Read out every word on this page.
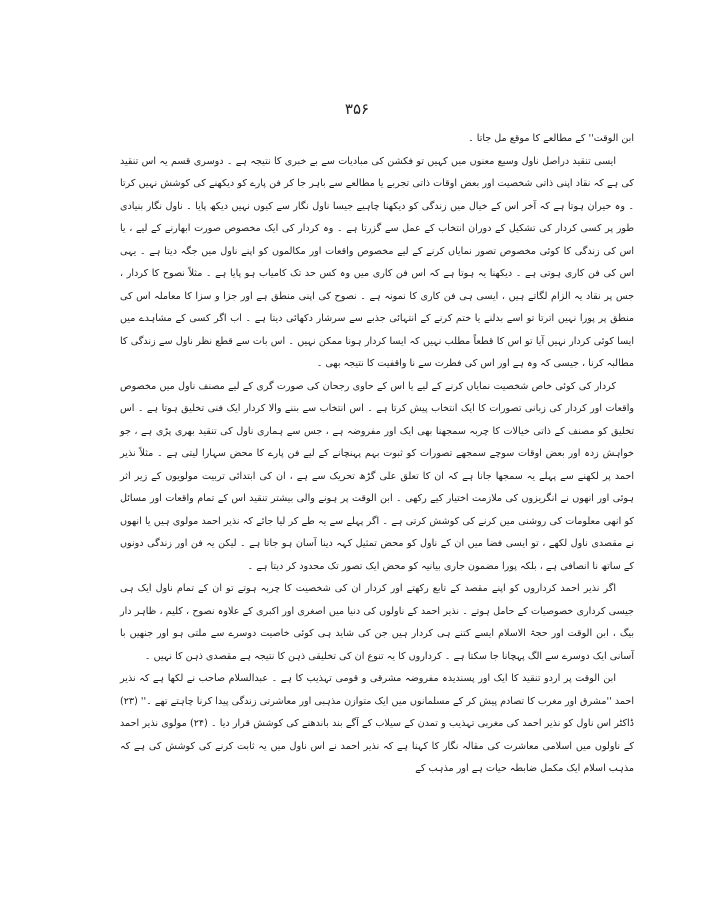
۳۵۶

ابن الوقت'' کے مطالعے کا موقع مل جاتا ۔

ایسی تنقید دراصل ناول وسیع معنوں میں کہیں تو فکشن کی مبادیات سے بے خبری کا نتیجہ ہے ۔ دوسری قسم یہ اس تنقید کی ہے کہ نقاد اپنی ذاتی شخصیت اور بعض اوقات ذاتی تجربے یا مطالعے سے باہر جا کر فن پارے کو دیکھنے کی کوشش نہیں کرتا ۔ وہ حیران ہوتا ہے کہ آخر اس کے خیال میں زندگی کو دیکھنا چاہیے جیسا ناول نگار سے کیوں نہیں دیکھ پایا ۔ ناول نگار بنیادی طور پر کسی کردار کی تشکیل کے دوران انتخاب کے عمل سے گزرتا ہے ۔ وہ کردار کی ایک مخصوص صورت ابھارنے کے لیے ، یا اس کی زندگی کا کوئی مخصوص تصور نمایاں کرنے کے لیے مخصوص واقعات اور مکالموں کو اپنے ناول میں جگہ دیتا ہے ۔ یہی اس کی فن کاری ہوتی ہے ۔ دیکھنا یہ ہوتا ہے کہ اس فن کاری میں وہ کس حد تک کامیاب ہو پایا ہے ۔ مثلاً نصوح کا کردار ، جس پر نقاد یہ الزام لگاتے ہیں ، ایسی ہی فن کاری کا نمونہ ہے ۔ نصوح کی اپنی منطق ہے اور جزا و سزا کا معاملہ اس کی منطق پر پورا نہیں اترتا تو اسے بدلنے یا ختم کرنے کے انتہائی جذبے سے سرشار دکھائی دیتا ہے ۔ اب اگر کسی کے مشاہدے میں ایسا کوئی کردار نہیں آیا تو اس کا قطعاً مطلب نہیں کہ ایسا کردار ہونا ممکن نہیں ۔ اس بات سے قطع نظر ناول سے زندگی کا مطالبہ کرنا ، جیسی کہ وہ ہے اور اس کی فطرت سے نا واقفیت کا نتیجہ بھی ۔

کردار کی کوئی خاص شخصیت نمایاں کرنے کے لیے یا اس کے حاوی رجحان کی صورت گری کے لیے مصنف ناول میں مخصوص واقعات اور کردار کی زبانی تصورات کا ایک انتخاب پیش کرتا ہے ۔ اس انتخاب سے بننے والا کردار ایک فنی تخلیق ہوتا ہے ۔ اس تخلیق کو مصنف کے ذاتی خیالات کا چربہ سمجھنا بھی ایک اور مفروضہ ہے ، جس سے ہماری ناول کی تنقید بھری پڑی ہے ، جو خواہش زدہ اور بعض اوقات سوچے سمجھے تصورات کو ثبوت بہم پہنچانے کے لیے فن پارے کا محض سہارا لیتی ہے ۔ مثلاً نذیر احمد پر لکھنے سے پہلے یہ سمجھا جانا ہے کہ ان کا تعلق علی گڑھ تحریک سے ہے ، ان کی ابتدائی تربیت مولویوں کے زیر اثر ہوئی اور انھوں نے انگریزوں کی ملازمت اختیار کیے رکھی ۔ ابن الوقت پر ہونے والی بیشتر تنقید اس کے تمام واقعات اور مسائل کو انھی معلومات کی روشنی میں کرنے کی کوشش کرتی ہے ۔ اگر پہلے سے یہ طے کر لیا جائے کہ نذیر احمد مولوی ہیں یا انھوں نے مقصدی ناول لکھے ، تو ایسی فضا میں ان کے ناول کو محض تمثیل کہہ دینا آسان ہو جاتا ہے ۔ لیکن یہ فن اور زندگی دونوں کے ساتھ نا انصافی ہے ، بلکہ پورا مضمون جاری بیانیہ کو محض ایک تصور تک محدود کر دیتا ہے ۔

اگر نذیر احمد کرداروں کو اپنے مقصد کے تابع رکھتے اور کردار ان کی شخصیت کا چربہ ہوتے تو ان کے تمام ناول ایک ہی جیسی کرداری خصوصیات کے حامل ہوتے ۔ نذیر احمد کے ناولوں کی دنیا میں اصغری اور اکبری کے علاوہ نصوح ، کلیم ، ظاہر دار بیگ ، ابن الوقت اور حجۃ الاسلام ایسے کتنے ہی کردار ہیں جن کی شاید ہی کوئی خاصیت دوسرے سے ملتی ہو اور جنھیں با آسانی ایک دوسرے سے الگ پہچانا جا سکتا ہے ۔ کرداروں کا یہ تنوع ان کی تخلیقی ذہن کا نتیجہ ہے مقصدی ذہن کا نہیں ۔

ابن الوقت پر اردو تنقید کا ایک اور پسندیدہ مفروضہ مشرقی و قومی تہذیب کا ہے ۔ عبدالسلام صاحب نے لکھا ہے کہ نذیر احمد ''مشرق اور مغرب کا تصادم پیش کر کے مسلمانوں میں ایک متوازن مذہبی اور معاشرتی زندگی پیدا کرنا چاہتے تھے ۔'' (۲۳) ڈاکٹر اس ناول کو نذیر احمد کی مغربی تہذیب و تمدن کے سیلاب کے آگے بند باندھنے کی کوشش قرار دیا ۔ (۲۴) مولوی نذیر احمد کے ناولوں میں اسلامی معاشرت کی مقالہ نگار کا کہنا ہے کہ نذیر احمد نے اس ناول میں یہ ثابت کرنے کی کوشش کی ہے کہ مذہب اسلام ایک مکمل ضابطہ حیات ہے اور مذہب کے
